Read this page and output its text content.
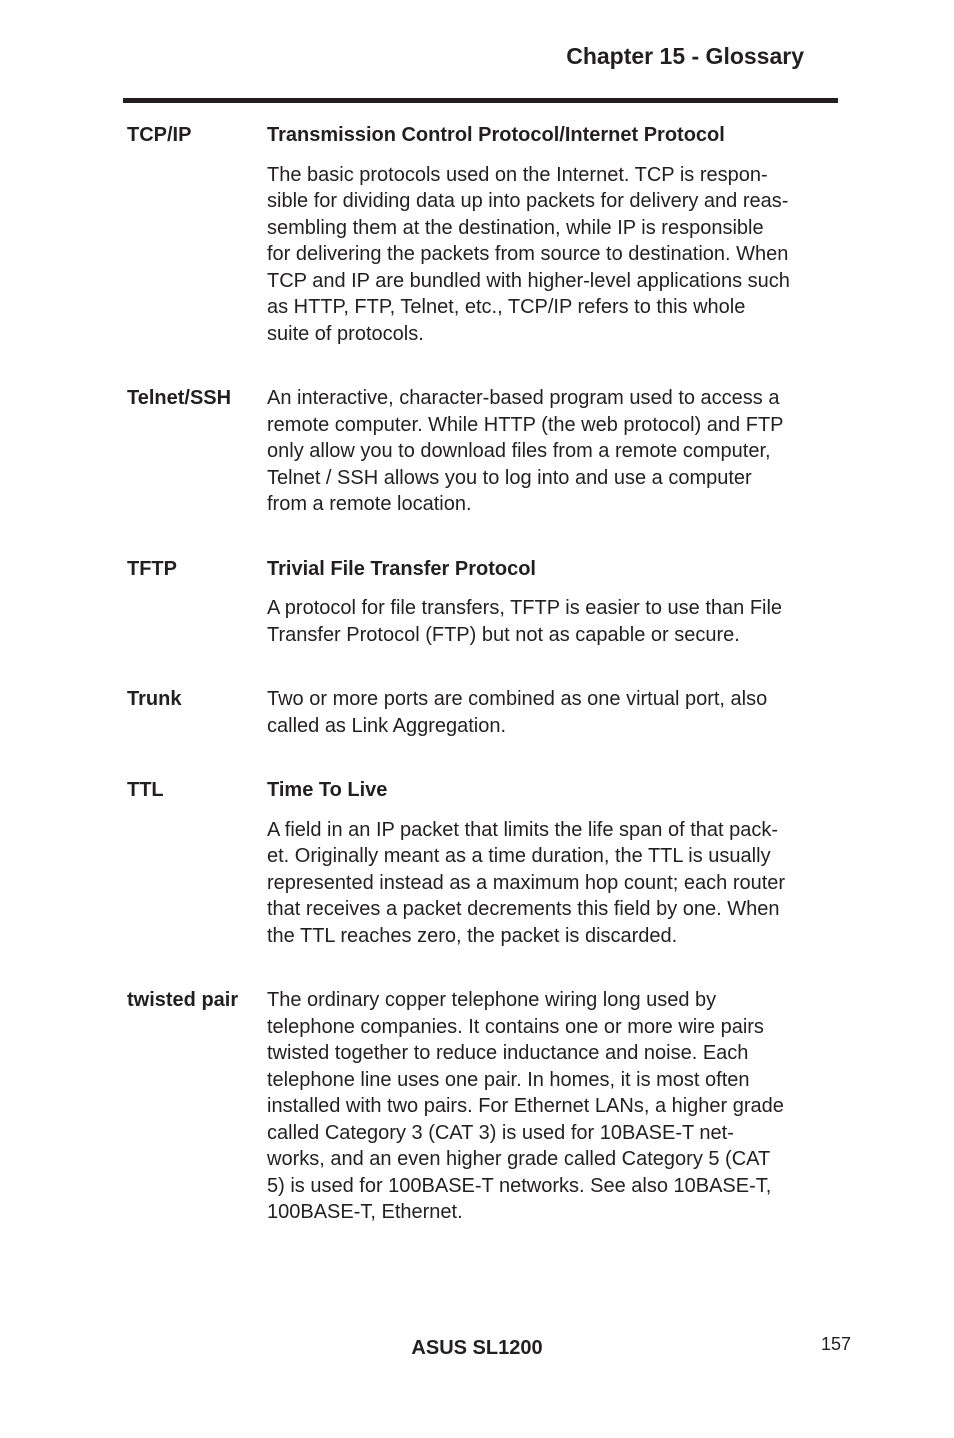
Chapter 15 - Glossary
TCP/IP	Transmission Control Protocol/Internet Protocol

The basic protocols used on the Internet. TCP is respon-
sible for dividing data up into packets for delivery and reas-
sembling them at the destination, while IP is responsible
for delivering the packets from source to destination. When
TCP and IP are bundled with higher-level applications such
as HTTP, FTP, Telnet, etc., TCP/IP refers to this whole
suite of protocols.

Telnet/SSH	An interactive, character-based program used to access a
remote computer. While HTTP (the web protocol) and FTP
only allow you to download files from a remote computer,
Telnet / SSH allows you to log into and use a computer
from a remote location.

TFTP	Trivial File Transfer Protocol

A protocol for file transfers, TFTP is easier to use than File
Transfer Protocol (FTP) but not as capable or secure.

Trunk	Two or more ports are combined as one virtual port, also
called as Link Aggregation.

TTL	Time To Live

A field in an IP packet that limits the life span of that pack-
et. Originally meant as a time duration, the TTL is usually
represented instead as a maximum hop count; each router
that receives a packet decrements this field by one. When
the TTL reaches zero, the packet is discarded.

twisted pair	The ordinary copper telephone wiring long used by
telephone companies. It contains one or more wire pairs
twisted together to reduce inductance and noise. Each
telephone line uses one pair. In homes, it is most often
installed with two pairs. For Ethernet LANs, a higher grade
called Category 3 (CAT 3) is used for 10BASE-T net-
works, and an even higher grade called Category 5 (CAT
5) is used for 100BASE-T networks. See also 10BASE-T,
100BASE-T, Ethernet.

ASUS SL1200	157
